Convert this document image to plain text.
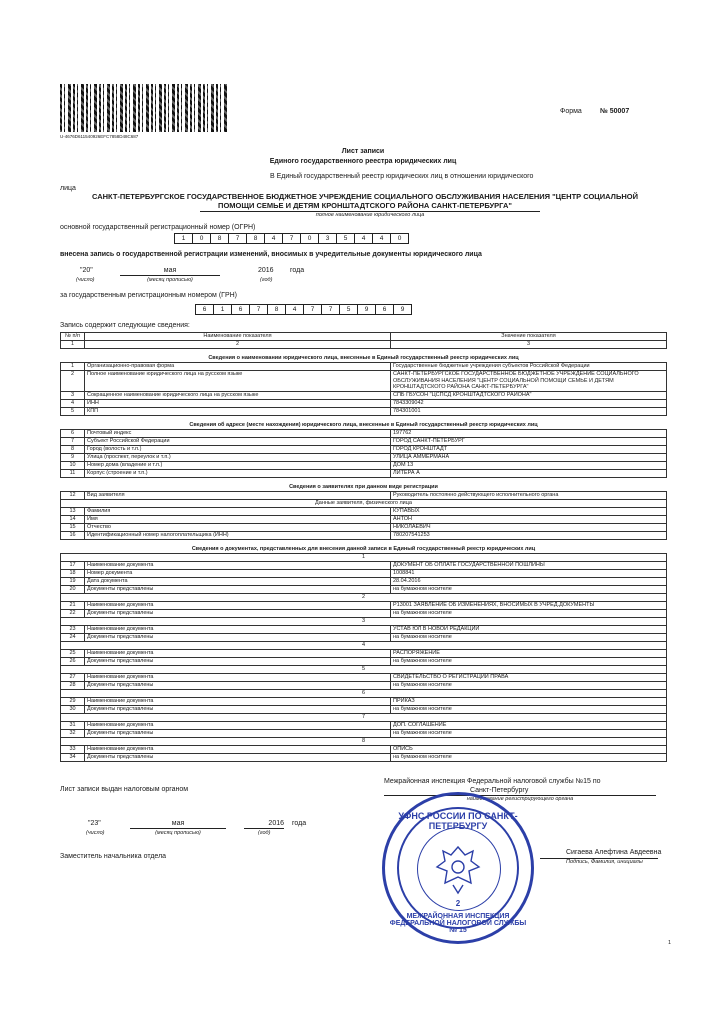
U-4676D611540926EFC7858D48C687
Форма	№ 50007
Лист записи
Единого государственного реестра юридических лиц
В Единый государственный реестр юридических лиц в отношении юридического
лица
САНКТ-ПЕТЕРБУРГСКОЕ ГОСУДАРСТВЕННОЕ БЮДЖЕТНОЕ УЧРЕЖДЕНИЕ СОЦИАЛЬНОГО ОБСЛУЖИВАНИЯ НАСЕЛЕНИЯ "ЦЕНТР СОЦИАЛЬНОЙ
ПОМОЩИ СЕМЬЕ И ДЕТЯМ КРОНШТАДТСКОГО РАЙОНА САНКТ-ПЕТЕРБУРГА"
полное наименование юридического лица
основной государственный регистрационный номер (ОГРН)
1	0	8	7	8	4	7	0	3	5	4	4	0
внесена запись о государственной регистрации изменений, вносимых в учредительные документы юридического лица
"20"	мая	2016 года
(число)	(месяц прописью)	(год)
за государственным регистрационным номером (ГРН)
6	1	6	7	8	4	7	7	5	9	6	9
Запись содержит следующие сведения:
№ п/п	Наименование показателя	Значение показателя
1	2	3
Сведения о наименовании юридического лица, внесенные в Единый государственный реестр юридических лиц		
1	Организационно-правовая форма	Государственные бюджетные учреждения субъектов Российской Федерации
2	Полное наименование юридического лица на русском языке	САНКТ-ПЕТЕРБУРГСКОЕ ГОСУДАРСТВЕННОЕ БЮДЖЕТНОЕ УЧРЕЖДЕНИЕ СОЦИАЛЬНОГО ОБСЛУЖИВАНИЯ НАСЕЛЕНИЯ "ЦЕНТР СОЦИАЛЬНОЙ ПОМОЩИ СЕМЬЕ И ДЕТЯМ КРОНШТАДТСКОГО РАЙОНА САНКТ-ПЕТЕРБУРГА"
3	Сокращенное наименование юридического лица на русском языке	СПБ ГБУСОН "ЦСПСД КРОНШТАДТСКОГО РАЙОНА"
4	ИНН	7843309042
5	КПП	784301001
Сведения об адресе (месте нахождения) юридического лица, внесенные в Единый государственный реестр юридических лиц		
6	Почтовый индекс	197762
7	Субъект Российской Федерации	ГОРОД САНКТ-ПЕТЕРБУРГ
8	Город (волость и т.п.)	ГОРОД КРОНШТАДТ
9	Улица (проспект, переулок и т.п.)	УЛИЦА АММЕРМАНА
10	Номер дома (владение и т.п.)	ДОМ 13
11	Корпус (строение и т.п.)	ЛИТЕРА А
Сведения о заявителях при данном виде регистрации		
12	Вид заявителя	Руководитель постоянно действующего исполнительного органа
Данные заявителя, физического лица		
13	Фамилия	КУПАВЫХ
14	Имя	АНТОН
15	Отчество	НИКОЛАЕВИЧ
16	Идентификационный номер налогоплательщика (ИНН)	780207541253
Сведения о документах, представленных для внесения данной записи в Единый государственный реестр юридических лиц		
1		
17	Наименование документа	ДОКУМЕНТ ОБ ОПЛАТЕ ГОСУДАРСТВЕННОЙ ПОШЛИНЫ
18	Номер документа	1008841
19	Дата документа	28.04.2016
20	Документы представлены	на бумажном носителе
2		
21	Наименование документа	Р13001 ЗАЯВЛЕНИЕ ОБ ИЗМЕНЕНИЯХ, ВНОСИМЫХ В УЧРЕД.ДОКУМЕНТЫ
22	Документы представлены	на бумажном носителе
3		
23	Наименование документа	УСТАВ ЮЛ В НОВОЙ РЕДАКЦИИ
24	Документы представлены	на бумажном носителе
4		
25	Наименование документа	РАСПОРЯЖЕНИЕ
26	Документы представлены	на бумажном носителе
5		
27	Наименование документа	СВИДЕТЕЛЬСТВО О РЕГИСТРАЦИИ ПРАВА
28	Документы представлены	на бумажном носителе
6		
29	Наименование документа	ПРИКАЗ
30	Документы представлены	на бумажном носителе
7		
31	Наименование документа	ДОП. СОГЛАШЕНИЕ
32	Документы представлены	на бумажном носителе
8		
33	Наименование документа	ОПИСЬ
34	Документы представлены	на бумажном носителе
Лист записи выдан налоговым органом
Межрайонная инспекция Федеральной налоговой службы №15 по
Санкт-Петербургу
наименование регистрирующего органа
"23"	мая	2016 года
(число)	(месяц прописью)	(год)
Заместитель начальника отдела
Сигаева Алефтина Авдеевна
Подпись, Фамилия, инициалы
1
УФНС РОССИИ ПО САНКТ-ПЕТЕРБУРГУ
МЕЖРАЙОННАЯ ИНСПЕКЦИЯ ФЕДЕРАЛЬНОЙ НАЛОГОВОЙ СЛУЖБЫ № 15
2
